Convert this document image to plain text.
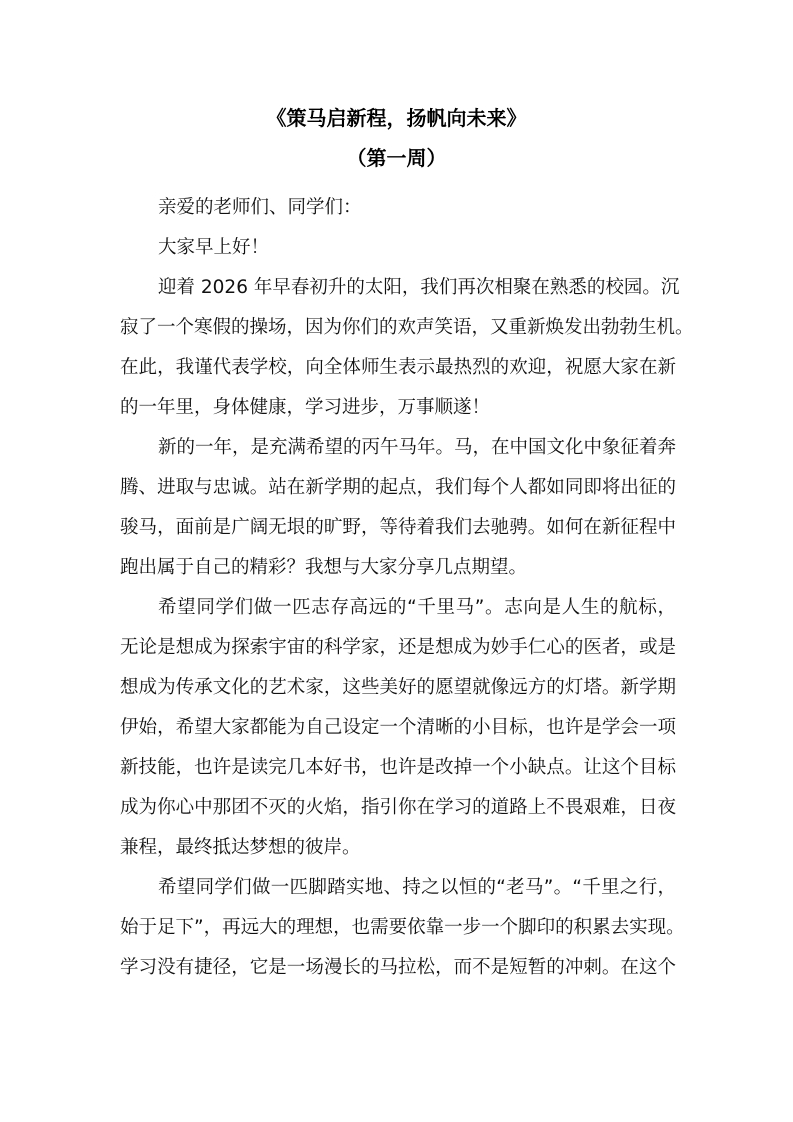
《策马启新程，扬帆向未来》
（第一周）
亲爱的老师们、同学们：
大家早上好！
迎着 2026 年早春初升的太阳，我们再次相聚在熟悉的校园。沉
寂了一个寒假的操场，因为你们的欢声笑语，又重新焕发出勃勃生机。
在此，我谨代表学校，向全体师生表示最热烈的欢迎，祝愿大家在新
的一年里，身体健康，学习进步，万事顺遂！
新的一年，是充满希望的丙午马年。马，在中国文化中象征着奔
腾、进取与忠诚。站在新学期的起点，我们每个人都如同即将出征的
骏马，面前是广阔无垠的旷野，等待着我们去驰骋。如何在新征程中
跑出属于自己的精彩？我想与大家分享几点期望。
希望同学们做一匹志存高远的“千里马”。志向是人生的航标，
无论是想成为探索宇宙的科学家，还是想成为妙手仁心的医者，或是
想成为传承文化的艺术家，这些美好的愿望就像远方的灯塔。新学期
伊始，希望大家都能为自己设定一个清晰的小目标，也许是学会一项
新技能，也许是读完几本好书，也许是改掉一个小缺点。让这个目标
成为你心中那团不灭的火焰，指引你在学习的道路上不畏艰难，日夜
兼程，最终抵达梦想的彼岸。
希望同学们做一匹脚踏实地、持之以恒的“老马”。“千里之行，
始于足下”，再远大的理想，也需要依靠一步一个脚印的积累去实现。
学习没有捷径，它是一场漫长的马拉松，而不是短暂的冲刺。在这个
